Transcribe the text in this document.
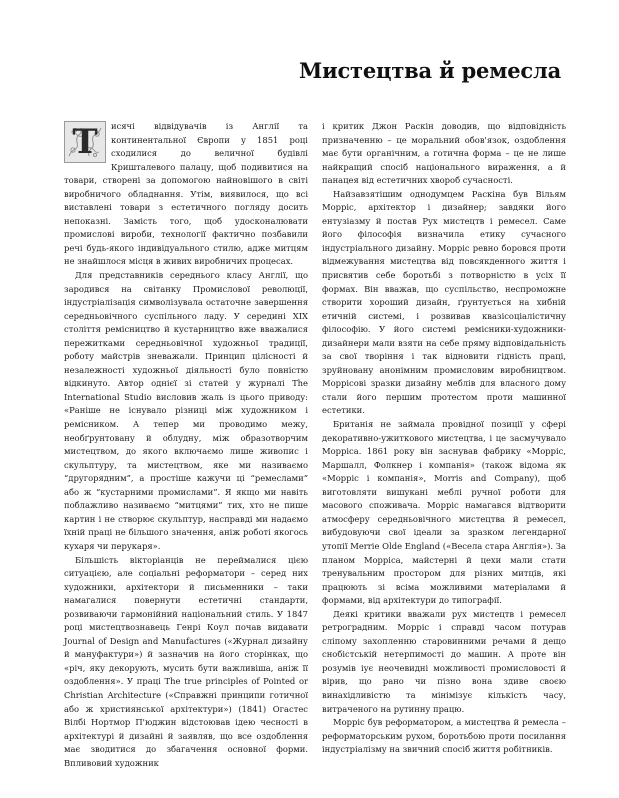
Мистецтва й ремесла
Т	исячі відвідувачів із Англії та континентальної Європи у 1851 році сходилися до величної будівлі Кришталевого палацу, щоб подивитися на товари, створені за допомогою найновішого в світі виробничого обладнання. Утім, виявилося, що всі виставлені товари з естетичного погляду досить непоказні. Замість того, щоб удосконалювати промислові вироби, технології фактично позбавили речі будь-якого індивідуального стилю, адже митцям не знайшлося місця в живих виробничих процесах.

Для представників середнього класу Англії, що зародився на світанку Промислової революції, індустріалізація символізувала остаточне завершення середньовічного суспільного ладу. У середині XIX століття ремісництво й кустарництво вже вважалися пережитками середньовічної художньої традиції, роботу майстрів зневажали. Принцип цілісності й незалежності художньої діяльності було повністю відкинуто. Автор однієї зі статей у журналі The International Studio висловив жаль із цього приводу: «Раніше не існувало різниці між художником і ремісником. А тепер ми проводимо межу, необґрунтовану й облудну, між образотворчим мистецтвом, до якого включаємо лише живопис і скульптуру, та мистецтвом, яке ми називаємо “другорядним”, а простіше кажучи ці “ремеслами” або ж “кустарними промислами”. Я якщо ми навіть поблажливо називаємо “митцями” тих, хто не пише картин і не створює скульптур, насправді ми надаємо їхній праці не більшого значення, аніж роботі якогось кухаря чи перукаря».

Більшість вікторіанців не переймалися цією ситуацією, але соціальні реформатори – серед них художники, архітектори й письменники – таки намагалися повернути естетичні стандарти, розвиваючи гармонійний національний стиль. У 1847 році мистецтвознавець Генрі Коул почав видавати Journal of Design and Manufactures («Журнал дизайну й мануфактури») й зазначив на його сторінках, що «річ, яку декорують, мусить бути важливіша, аніж її оздоблення». У праці The true principles of Pointed or Christian Architecture («Справжні принципи готичної або ж християнської архітектури») (1841) Огастес Вілбі Нортмор П'юджин відстоював ідею чесності в архітектурі й дизайні й заявляв, що все оздоблення має зводитися до збагачення основної форми. Впливовий художник

і критик Джон Раскін доводив, що відповідність призначенню – це моральний обов'язок, оздоблення має бути органічним, а готична форма – це не лише найкращий спосіб національного вираження, а й панацея від естетичних хвороб сучасності.

Найзавзятішим однодумцем Раскіна був Вільям Морріс, архітектор і дизайнер; завдяки його ентузіазму й постав Рух мистецтв і ремесел. Саме його філософія визначила етику сучасного індустріального дизайну. Морріс ревно боровся проти відмежування мистецтва від повсякденного життя і присвятив себе боротьбі з потворністю в усіх її формах. Він вважав, що суспільство, неспроможне створити хороший дизайн, ґрунтується на хибній етичній системі, і розвивав квазісоціалістичну філософію. У його системі ремісники-художники-дизайнери мали взяти на себе пряму відповідальність за свої творіння і так відновити гідність праці, зруйновану анонімним промисловим виробництвом. Моррісові зразки дизайну меблів для власного дому стали його першим протестом проти машинної естетики.

Британія не займала провідної позиції у сфері декоративно-ужиткового мистецтва, і це засмучувало Морріса. 1861 року він заснував фабрику «Морріс, Маршалл, Фолкнер і компанія» (також відома як «Морріс і компанія», Morris and Company), щоб виготовляти вишукані меблі ручної роботи для масового споживача. Морріс намагався відтворити атмосферу середньовічного мистецтва й ремесел, вибудовуючи свої ідеали за зразком легендарної утопії Merrie Olde England («Весела стара Англія»). За планом Морріса, майстерні й цехи мали стати тренувальним простором для різних митців, які працюють зі всіма можливими матеріалами й формами, від архітектури до типографії.

Деякі критики вважали рух мистецтв і ремесел ретроградним. Морріс і справді часом потурав сліпому захопленню старовинними речами й дещо снобістській нетерпимості до машин. А проте він розумів іує неочевидні можливості промисловості й вірив, що рано чи пізно вона здиве своєю винахідливістю та мінімізує кількість часу, витраченого на рутинну працю.

Морріс був реформатором, а мистецтва й ремесла – реформаторським рухом, боротьбою проти посилання індустріалізму на звичний спосіб життя робітників.
